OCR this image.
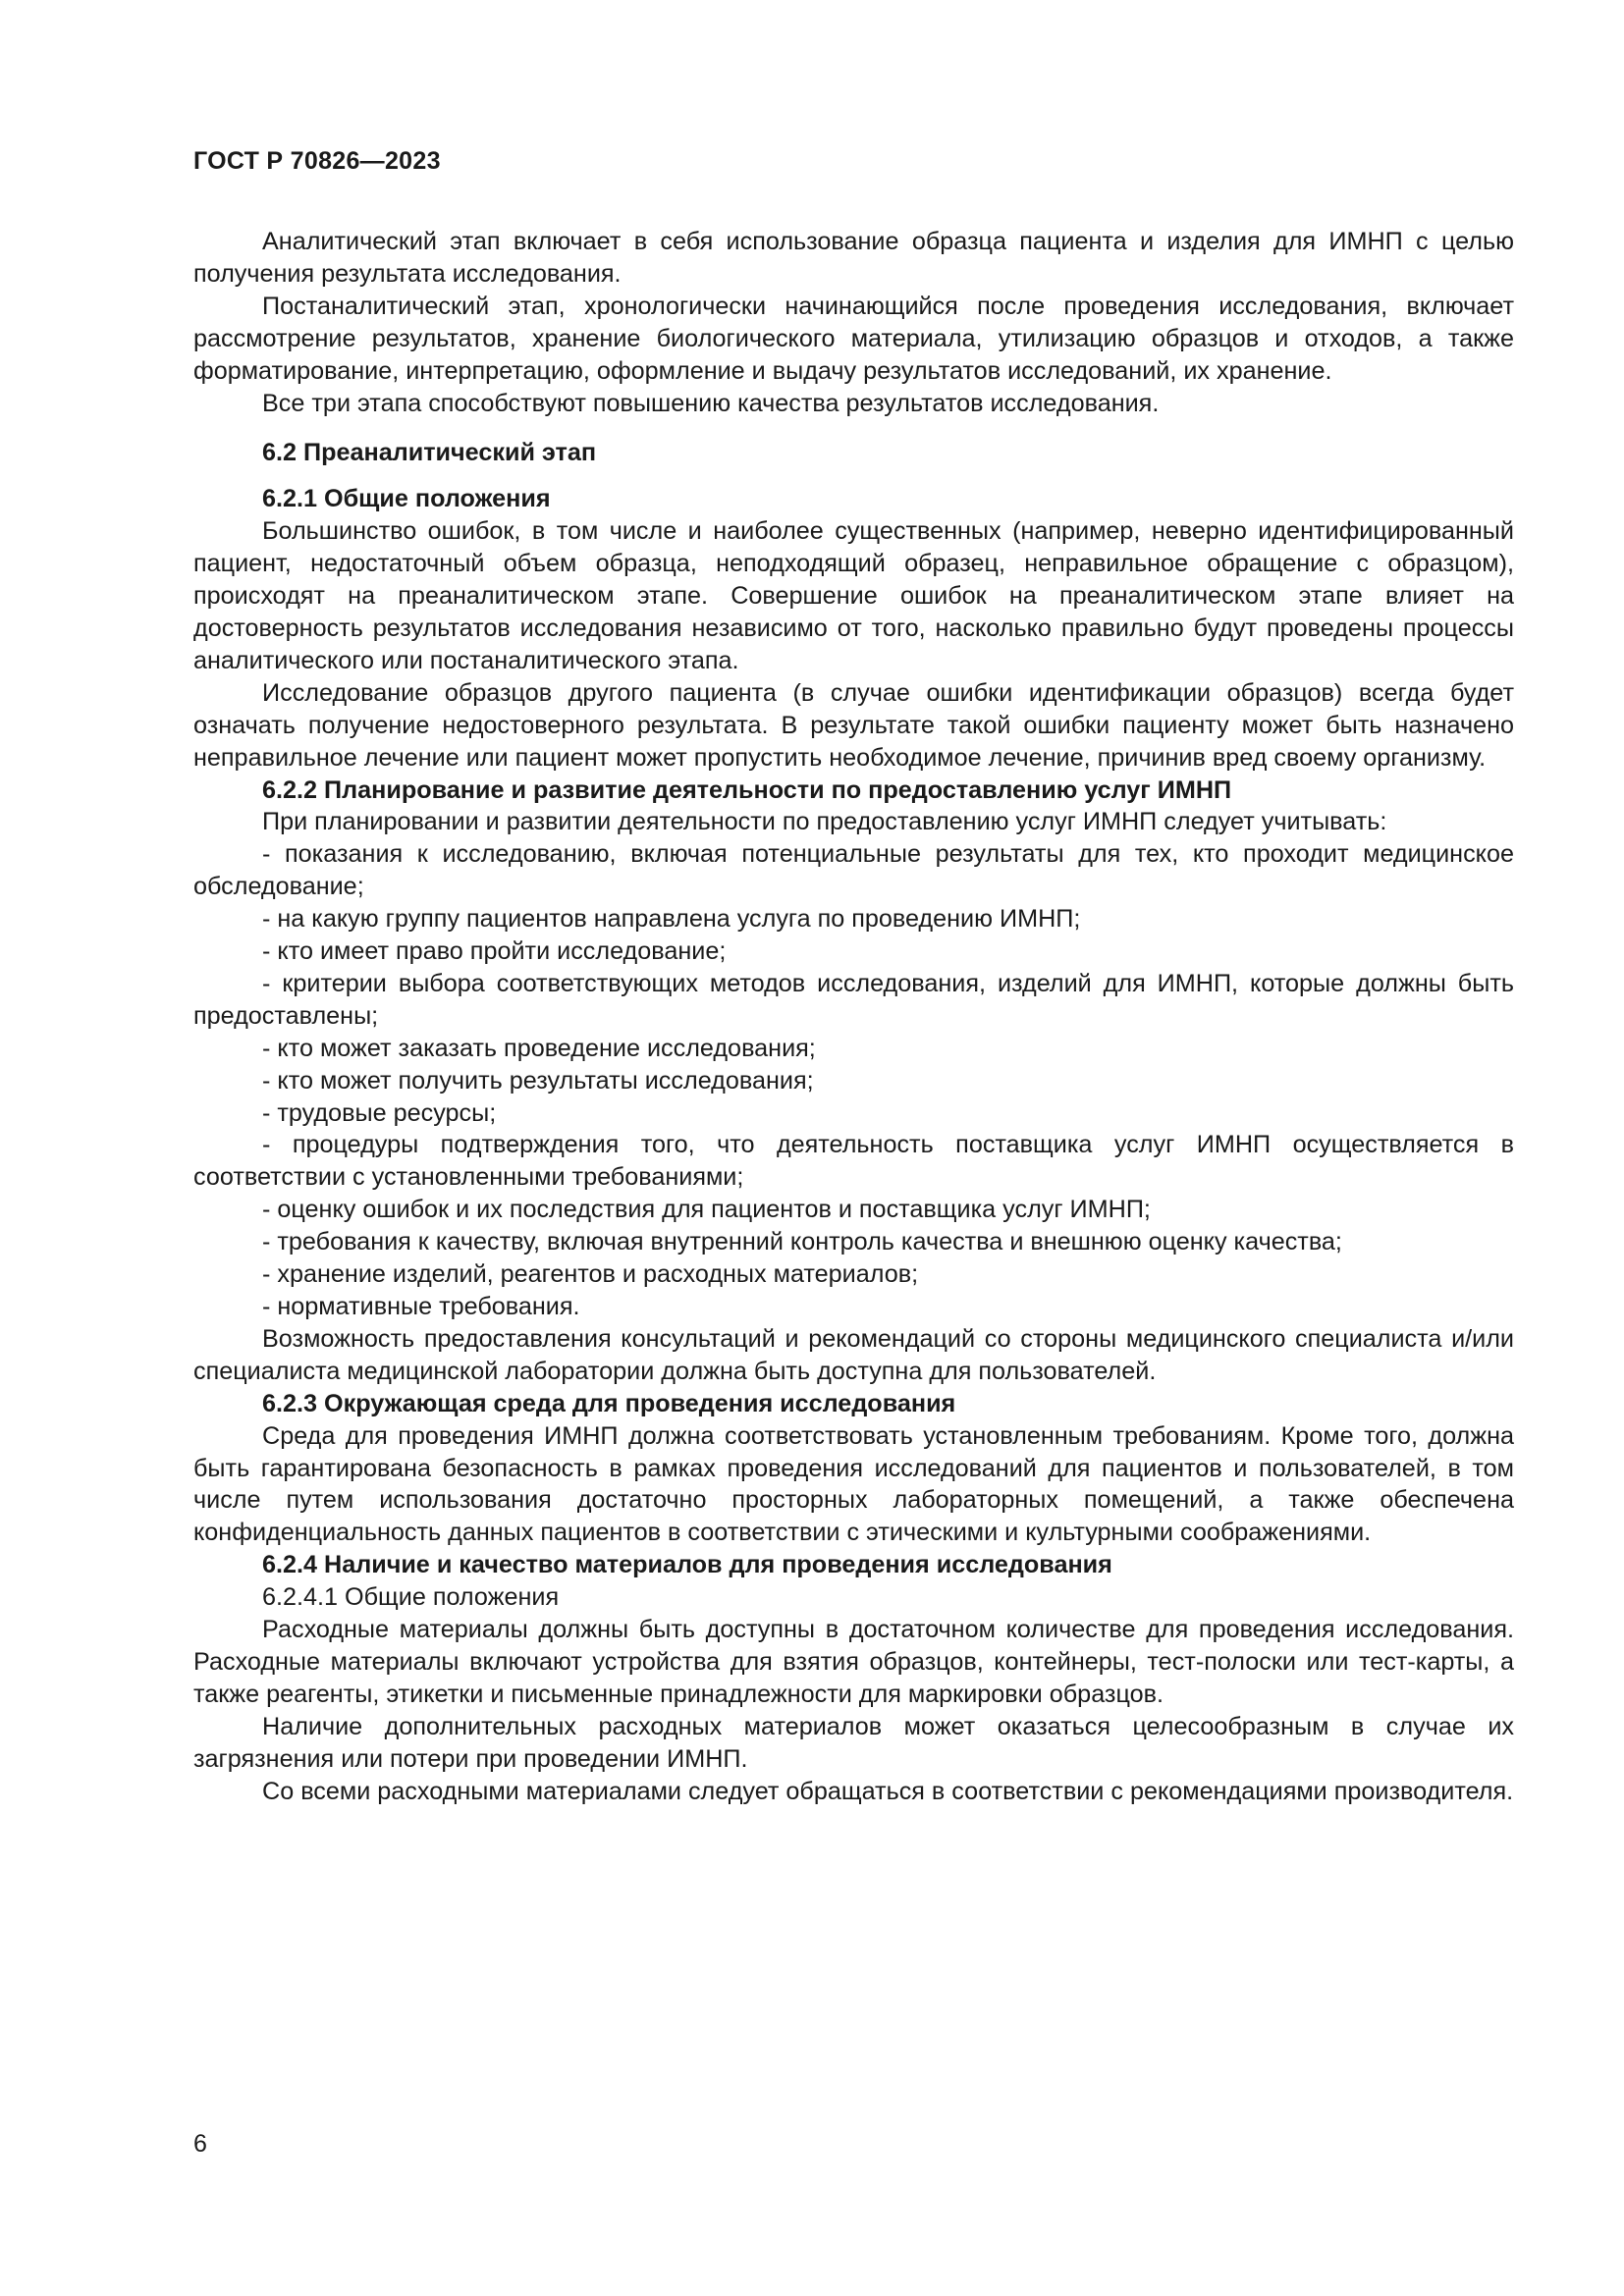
ГОСТ Р 70826—2023

Аналитический этап включает в себя использование образца пациента и изделия для ИМНП с целью получения результата исследования.

Постаналитический этап, хронологически начинающийся после проведения исследования, включает рассмотрение результатов, хранение биологического материала, утилизацию образцов и отходов, а также форматирование, интерпретацию, оформление и выдачу результатов исследований, их хранение.

Все три этапа способствуют повышению качества результатов исследования.

6.2 Преаналитический этап
6.2.1 Общие положения

Большинство ошибок, в том числе и наиболее существенных (например, неверно идентифицированный пациент, недостаточный объем образца, неподходящий образец, неправильное обращение с образцом), происходят на преаналитическом этапе. Совершение ошибок на преаналитическом этапе влияет на достоверность результатов исследования независимо от того, насколько правильно будут проведены процессы аналитического или постаналитического этапа.

Исследование образцов другого пациента (в случае ошибки идентификации образцов) всегда будет означать получение недостоверного результата. В результате такой ошибки пациенту может быть назначено неправильное лечение или пациент может пропустить необходимое лечение, причинив вред своему организму.

6.2.2 Планирование и развитие деятельности по предоставлению услуг ИМНП

При планировании и развитии деятельности по предоставлению услуг ИМНП следует учитывать:

- показания к исследованию, включая потенциальные результаты для тех, кто проходит медицинское обследование;

- на какую группу пациентов направлена услуга по проведению ИМНП;

- кто имеет право пройти исследование;

- критерии выбора соответствующих методов исследования, изделий для ИМНП, которые должны быть предоставлены;

- кто может заказать проведение исследования;

- кто может получить результаты исследования;

- трудовые ресурсы;

- процедуры подтверждения того, что деятельность поставщика услуг ИМНП осуществляется в соответствии с установленными требованиями;

- оценку ошибок и их последствия для пациентов и поставщика услуг ИМНП;

- требования к качеству, включая внутренний контроль качества и внешнюю оценку качества;

- хранение изделий, реагентов и расходных материалов;

- нормативные требования.

Возможность предоставления консультаций и рекомендаций со стороны медицинского специалиста и/или специалиста медицинской лаборатории должна быть доступна для пользователей.

6.2.3 Окружающая среда для проведения исследования

Среда для проведения ИМНП должна соответствовать установленным требованиям. Кроме того, должна быть гарантирована безопасность в рамках проведения исследований для пациентов и пользователей, в том числе путем использования достаточно просторных лабораторных помещений, а также обеспечена конфиденциальность данных пациентов в соответствии с этическими и культурными соображениями.

6.2.4 Наличие и качество материалов для проведения исследования
6.2.4.1 Общие положения

Расходные материалы должны быть доступны в достаточном количестве для проведения исследования. Расходные материалы включают устройства для взятия образцов, контейнеры, тест-полоски или тест-карты, а также реагенты, этикетки и письменные принадлежности для маркировки образцов.

Наличие дополнительных расходных материалов может оказаться целесообразным в случае их загрязнения или потери при проведении ИМНП.

Со всеми расходными материалами следует обращаться в соответствии с рекомендациями производителя.

6
